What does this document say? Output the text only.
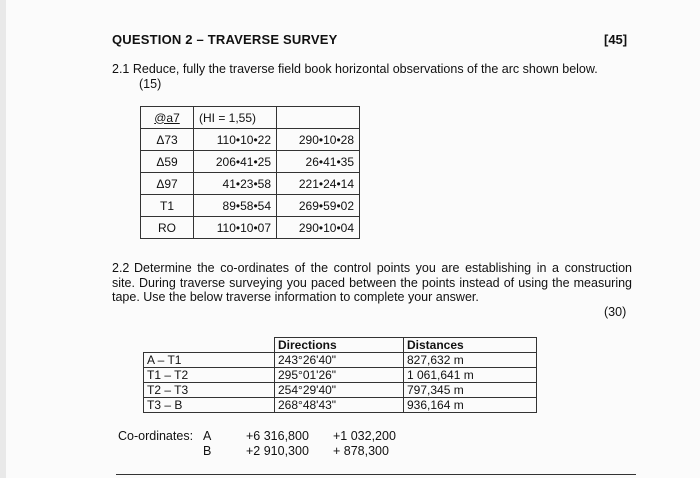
QUESTION 2 – TRAVERSE SURVEY	[45]
2.1 Reduce, fully the traverse field book horizontal observations of the arc shown below.
(15)
@a7	(HI = 1,55)	
Δ73	110•10•22	290•10•28
Δ59	206•41•25	26•41•35
Δ97	41•23•58	221•24•14
T1	89•58•54	269•59•02
RO	110•10•07	290•10•04
2.2 Determine the co-ordinates of the control points you are establishing in a construction site. During traverse surveying you paced between the points instead of using the measuring tape. Use the below traverse information to complete your answer.
(30)
	Directions	Distances
A – T1	243°26'40"	827,632 m
T1 – T2	295°01'26"	1 061,641 m
T2 – T3	254°29'40"	797,345 m
T3 – B	268°48'43"	936,164 m
Co-ordinates: A	+6 316,800 +1 032,200
B	+2 910,300 + 878,300
